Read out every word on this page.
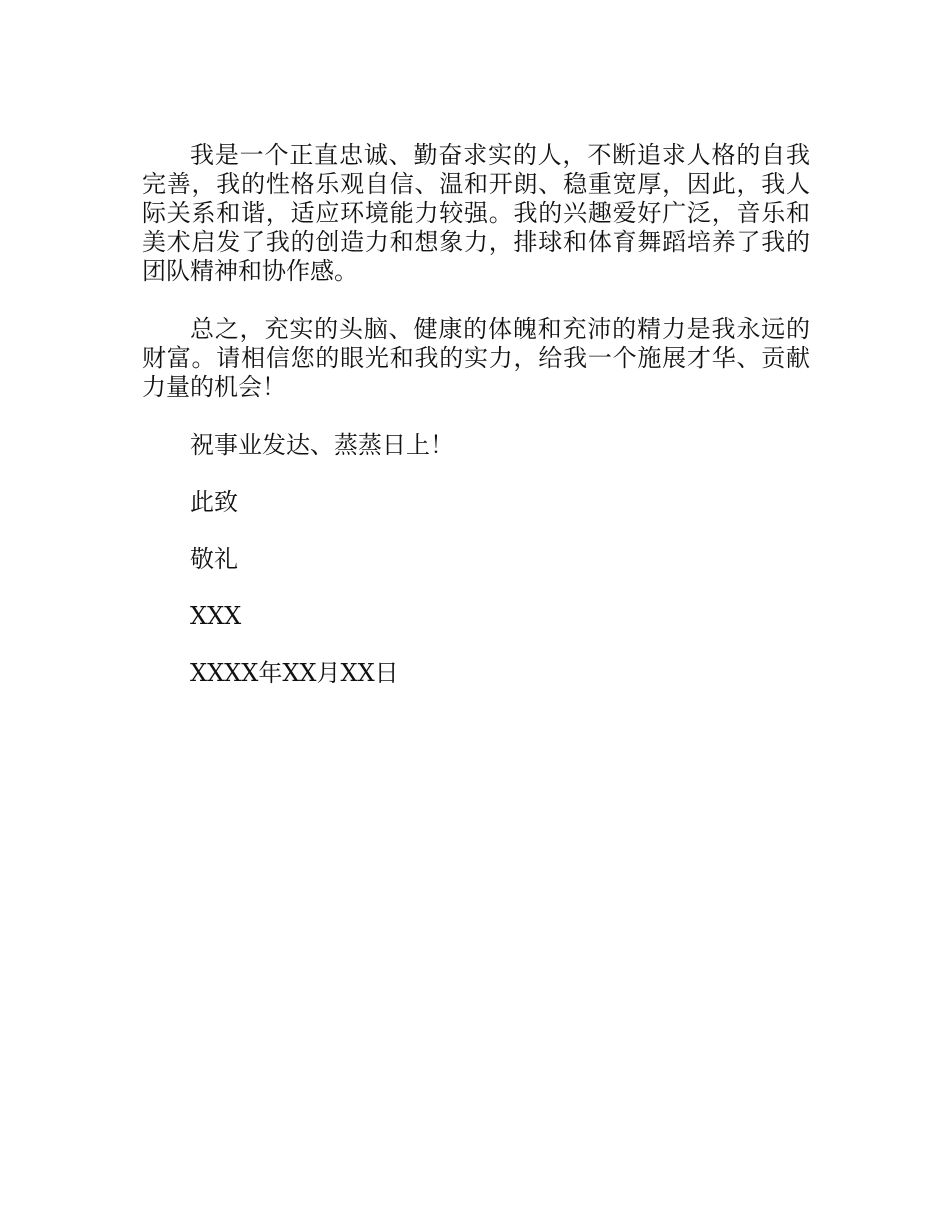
我是一个正直忠诚、勤奋求实的人，不断追求人格的自我完善，我的性格乐观自信、温和开朗、稳重宽厚，因此，我人际关系和谐，适应环境能力较强。我的兴趣爱好广泛，音乐和美术启发了我的创造力和想象力，排球和体育舞蹈培养了我的团队精神和协作感。

总之，充实的头脑、健康的体魄和充沛的精力是我永远的财富。请相信您的眼光和我的实力，给我一个施展才华、贡献力量的机会！

祝事业发达、蒸蒸日上！

此致

敬礼

XXX

XXXX年XX月XX日
